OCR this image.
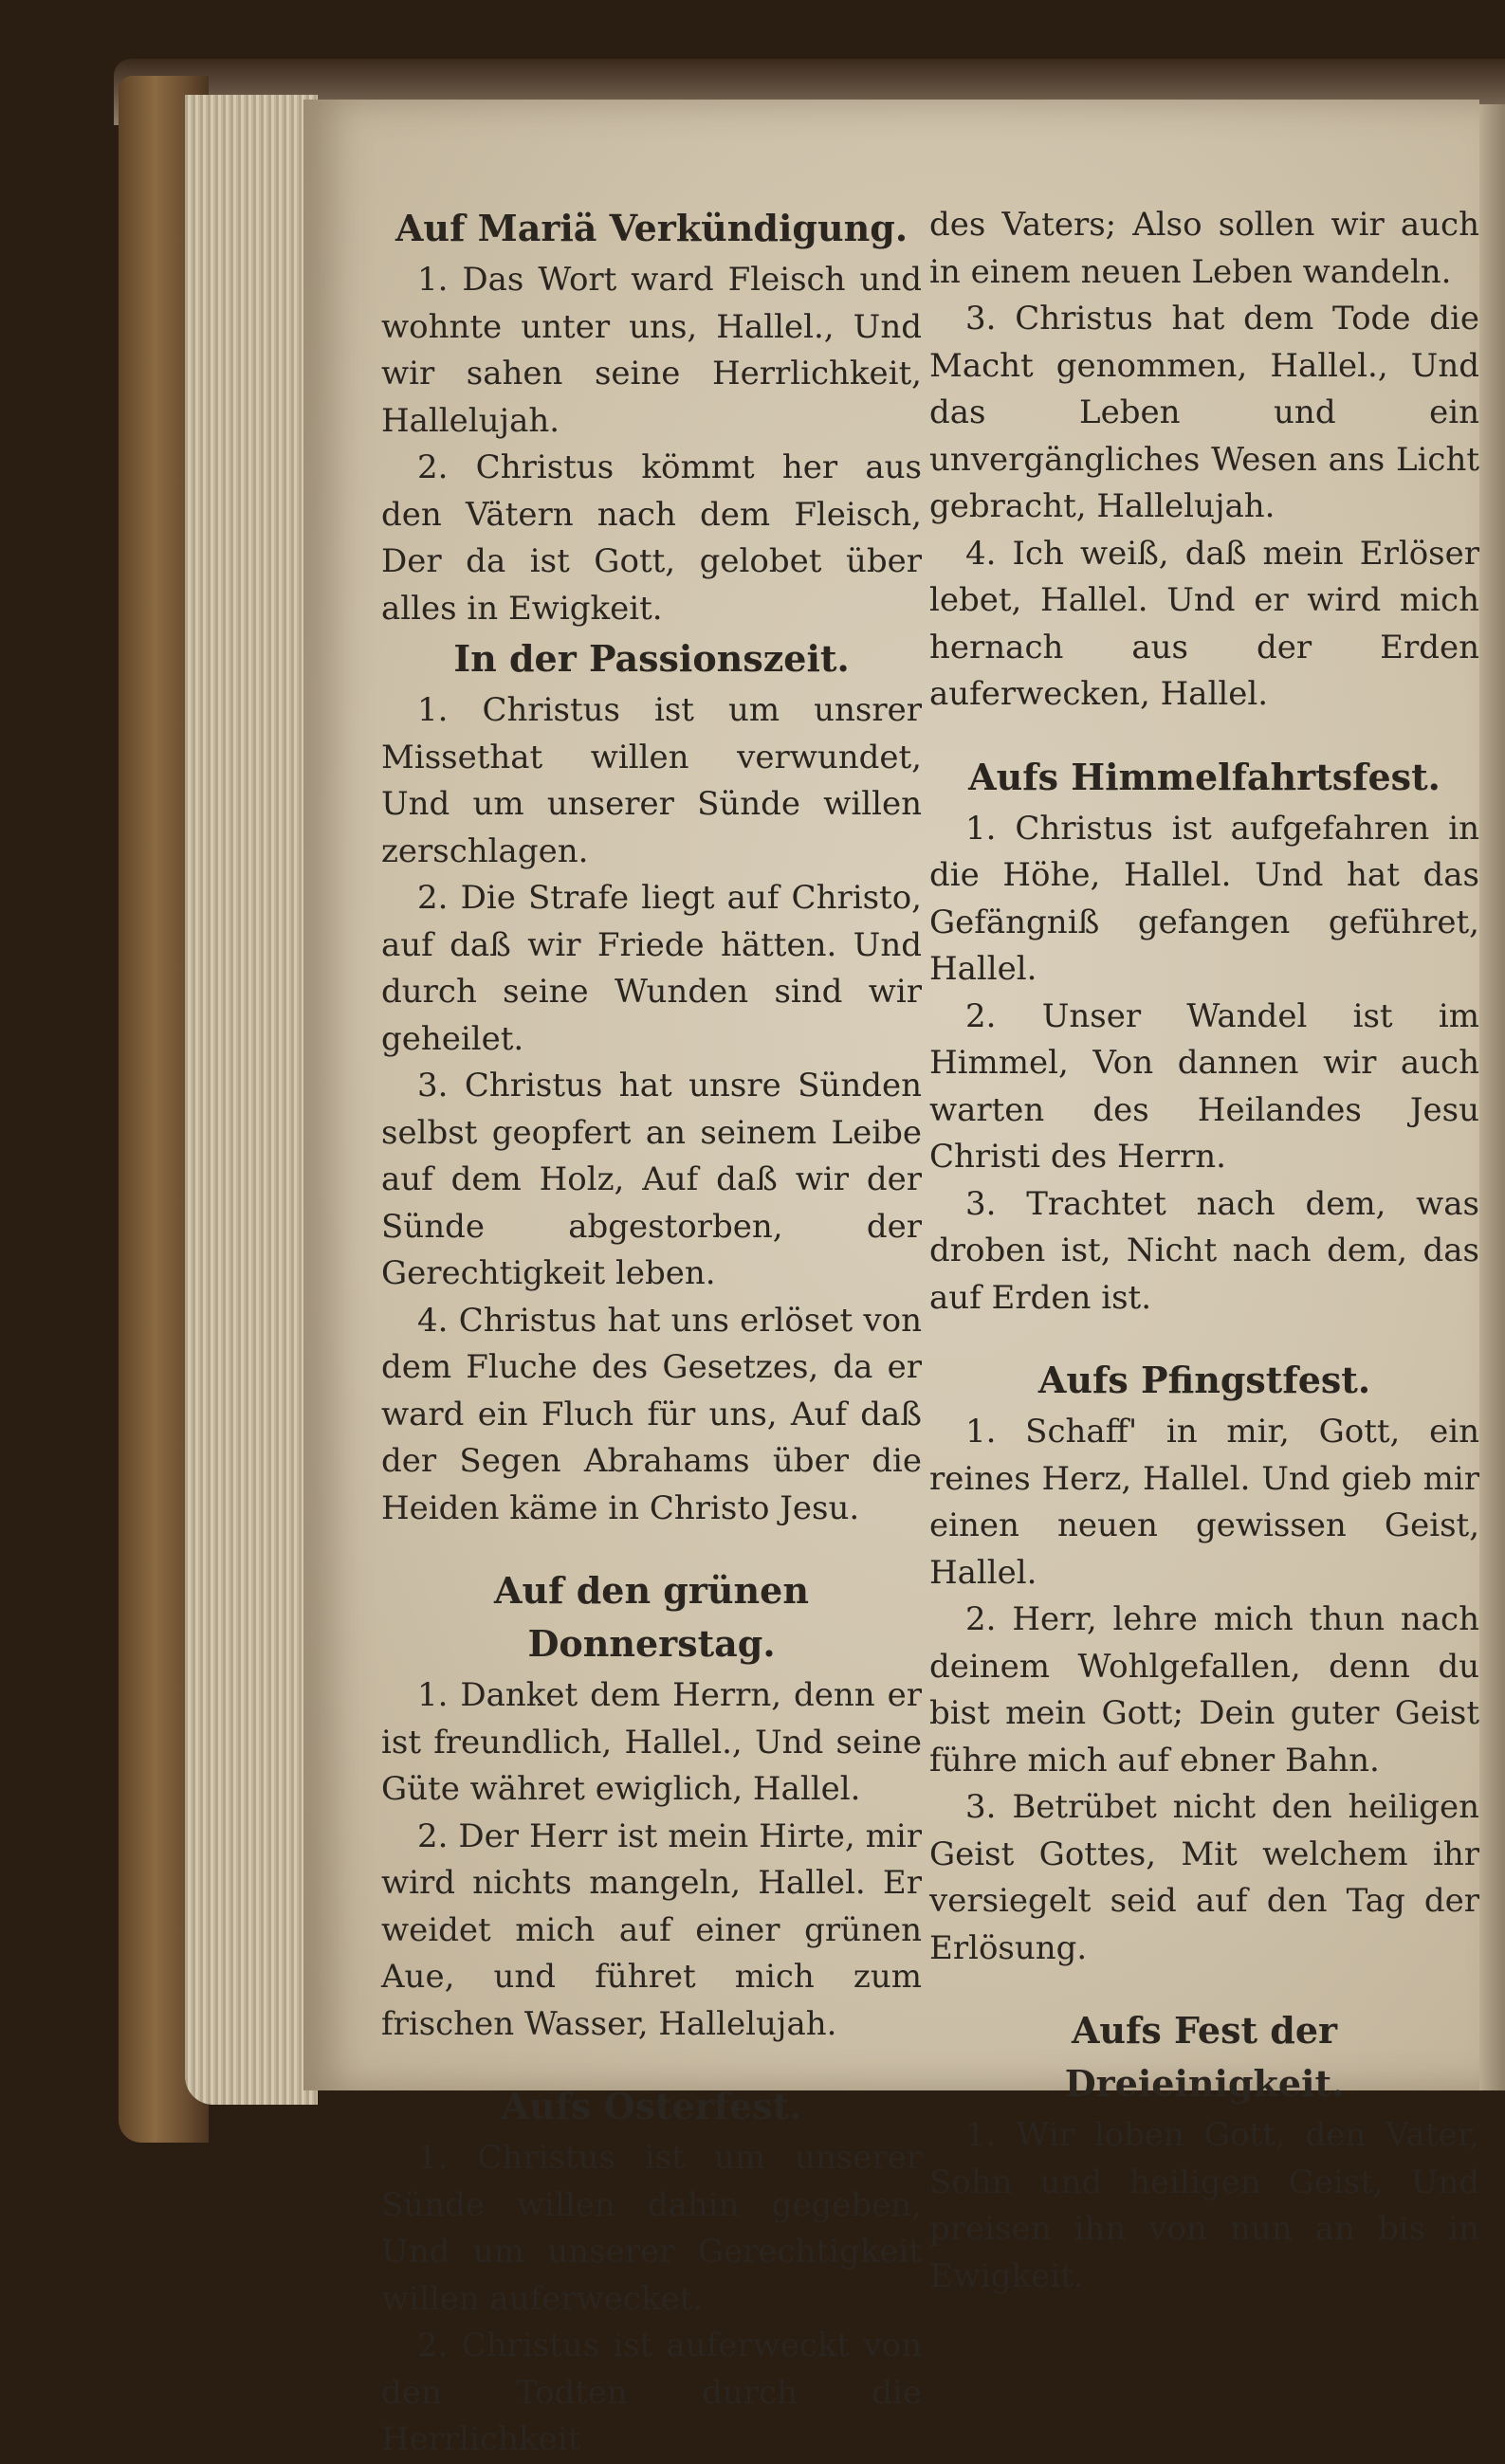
Auf Mariä Verkündigung.

1. Das Wort ward Fleisch und wohnte unter uns, Hallel., Und wir sahen seine Herrlichkeit, Hallelujah.

2. Christus kömmt her aus den Vätern nach dem Fleisch, Der da ist Gott, gelobet über alles in Ewigkeit.

In der Passionszeit.

1. Christus ist um unsrer Missethat willen verwundet, Und um unserer Sünde willen zerschlagen.

2. Die Strafe liegt auf Christo, auf daß wir Friede hätten. Und durch seine Wunden sind wir geheilet.

3. Christus hat unsre Sünden selbst geopfert an seinem Leibe auf dem Holz, Auf daß wir der Sünde abgestorben, der Gerechtigkeit leben.

4. Christus hat uns erlöset von dem Fluche des Gesetzes, da er ward ein Fluch für uns, Auf daß der Segen Abrahams über die Heiden käme in Christo Jesu.

Auf den grünen Donnerstag.

1. Danket dem Herrn, denn er ist freundlich, Hallel., Und seine Güte währet ewiglich, Hallel.

2. Der Herr ist mein Hirte, mir wird nichts mangeln, Hallel. Er weidet mich auf einer grünen Aue, und führet mich zum frischen Wasser, Hallelujah.

Aufs Osterfest.

1. Christus ist um unserer Sünde willen dahin gegeben, Und um unserer Gerechtigkeit willen auferwecket.

2. Christus ist auferweckt von den Todten durch die Herrlichkeit

des Vaters; Also sollen wir auch in einem neuen Leben wandeln.

3. Christus hat dem Tode die Macht genommen, Hallel., Und das Leben und ein unvergängliches Wesen ans Licht gebracht, Hallelujah.

4. Ich weiß, daß mein Erlöser lebet, Hallel. Und er wird mich hernach aus der Erden auferwecken, Hallel.

Aufs Himmelfahrtsfest.

1. Christus ist aufgefahren in die Höhe, Hallel. Und hat das Gefängniß gefangen geführet, Hallel.

2. Unser Wandel ist im Himmel, Von dannen wir auch warten des Heilandes Jesu Christi des Herrn.

3. Trachtet nach dem, was droben ist, Nicht nach dem, das auf Erden ist.

Aufs Pfingstfest.

1. Schaff' in mir, Gott, ein reines Herz, Hallel. Und gieb mir einen neuen gewissen Geist, Hallel.

2. Herr, lehre mich thun nach deinem Wohlgefallen, denn du bist mein Gott; Dein guter Geist führe mich auf ebner Bahn.

3. Betrübet nicht den heiligen Geist Gottes, Mit welchem ihr versiegelt seid auf den Tag der Erlösung.

Aufs Fest der Dreieinigkeit.

1. Wir loben Gott, den Vater, Sohn und heiligen Geist, Und preisen ihn von nun an bis in Ewigkeit.
